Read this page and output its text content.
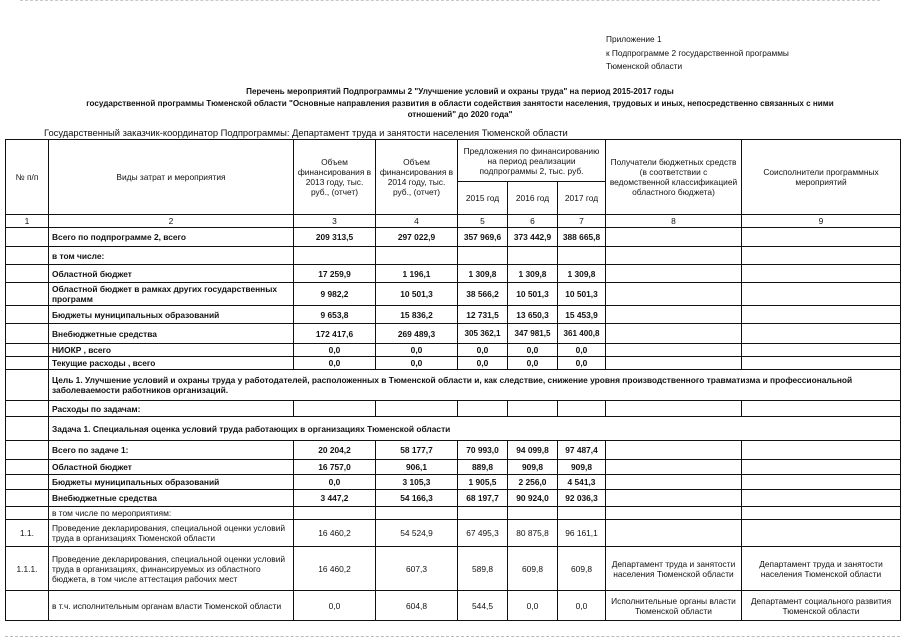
Приложение 1
к Подпрограмме 2 государственной программы
Тюменской области
Перечень мероприятий Подпрограммы 2 "Улучшение условий и охраны труда" на период 2015-2017 годы
государственной программы Тюменской области "Основные направления развития в области содействия занятости населения, трудовых и иных, непосредственно связанных с ними
отношений" до 2020 года"
Государственный заказчик-координатор Подпрограммы: Департамент труда и занятости населения Тюменской области
№ п/п	Виды затрат и мероприятия	Объем финансирования в 2013 году, тыс. руб., (отчет)	Объем финансирования в 2014 году, тыс. руб., (отчет)	Предложения по финансированию на период реализации подпрограммы 2, тыс. руб.			Получатели бюджетных средств (в соответствии с ведомственной классификацией областного бюджета)	Соисполнители программных мероприятий
				2015 год	2016 год	2017 год		
1	2	3	4	5	6	7	8	9
	Всего по подпрограмме 2, всего	209 313,5	297 022,9	357 969,6	373 442,9	388 665,8		
	в том числе:							
	Областной бюджет	17 259,9	1 196,1	1 309,8	1 309,8	1 309,8		
	Областной бюджет в рамках других государственных программ	9 982,2	10 501,3	38 566,2	10 501,3	10 501,3		
	Бюджеты муниципальных образований	9 653,8	15 836,2	12 731,5	13 650,3	15 453,9		
	Внебюджетные средства	172 417,6	269 489,3	305 362,1	347 981,5	361 400,8		
	НИОКР , всего	0,0	0,0	0,0	0,0	0,0		
	Текущие расходы , всего	0,0	0,0	0,0	0,0	0,0		
	Цель 1. Улучшение условий и охраны труда у работодателей, расположенных в Тюменской области и, как следствие, снижение уровня производственного травматизма и профессиональной заболеваемости работников организаций.							
	Расходы по задачам:							
	Задача 1. Специальная оценка условий труда работающих в организациях Тюменской области							
	Всего по задаче 1:	20 204,2	58 177,7	70 993,0	94 099,8	97 487,4		
	Областной бюджет	16 757,0	906,1	889,8	909,8	909,8		
	Бюджеты муниципальных образований	0,0	3 105,3	1 905,5	2 256,0	4 541,3		
	Внебюджетные средства	3 447,2	54 166,3	68 197,7	90 924,0	92 036,3		
	в том числе по мероприятиям:							
1.1.	Проведение декларирования, специальной оценки условий труда в организациях Тюменской области	16 460,2	54 524,9	67 495,3	80 875,8	96 161,1		
1.1.1.	Проведение декларирования, специальной оценки условий труда в организациях, финансируемых из областного бюджета, в том числе аттестация рабочих мест	16 460,2	607,3	589,8	609,8	609,8	Департамент труда и занятости населения Тюменской области	Департамент труда и занятости населения Тюменской области
	в т.ч. исполнительным органам власти Тюменской области	0,0	604,8	544,5	0,0	0,0	Исполнительные органы власти Тюменской области	Департамент социального развития Тюменской области
